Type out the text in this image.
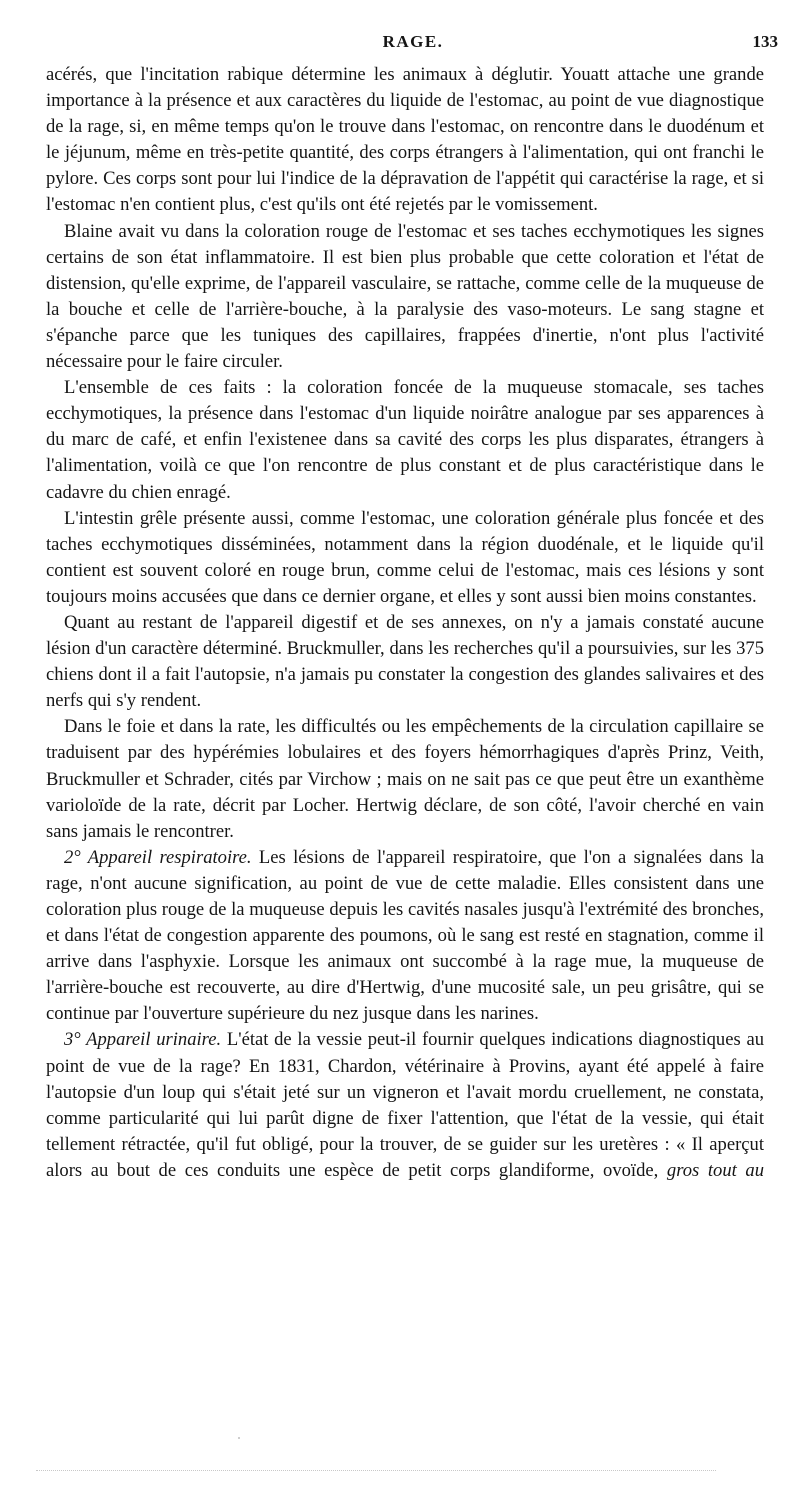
RAGE.	133

acérés, que l'incitation rabique détermine les animaux à déglutir. Youatt attache une grande importance à la présence et aux caractères du liquide de l'estomac, au point de vue diagnostique de la rage, si, en même temps qu'on le trouve dans l'estomac, on rencontre dans le duodénum et le jéjunum, même en très-petite quantité, des corps étrangers à l'alimentation, qui ont franchi le pylore. Ces corps sont pour lui l'indice de la dépravation de l'appétit qui caractérise la rage, et si l'estomac n'en contient plus, c'est qu'ils ont été rejetés par le vomissement.

Blaine avait vu dans la coloration rouge de l'estomac et ses taches ecchymotiques les signes certains de son état inflammatoire. Il est bien plus probable que cette coloration et l'état de distension, qu'elle exprime, de l'appareil vasculaire, se rattache, comme celle de la muqueuse de la bouche et celle de l'arrière-bouche, à la paralysie des vaso-moteurs. Le sang stagne et s'épanche parce que les tuniques des capillaires, frappées d'inertie, n'ont plus l'activité nécessaire pour le faire circuler.

L'ensemble de ces faits : la coloration foncée de la muqueuse stomacale, ses taches ecchymotiques, la présence dans l'estomac d'un liquide noirâtre analogue par ses apparences à du marc de café, et enfin l'existenee dans sa cavité des corps les plus disparates, étrangers à l'alimentation, voilà ce que l'on rencontre de plus constant et de plus caractéristique dans le cadavre du chien enragé.

L'intestin grêle présente aussi, comme l'estomac, une coloration générale plus foncée et des taches ecchymotiques disséminées, notamment dans la région duodénale, et le liquide qu'il contient est souvent coloré en rouge brun, comme celui de l'estomac, mais ces lésions y sont toujours moins accusées que dans ce dernier organe, et elles y sont aussi bien moins constantes.

Quant au restant de l'appareil digestif et de ses annexes, on n'y a jamais constaté aucune lésion d'un caractère déterminé. Bruckmuller, dans les recherches qu'il a poursuivies, sur les 375 chiens dont il a fait l'autopsie, n'a jamais pu constater la congestion des glandes salivaires et des nerfs qui s'y rendent.

Dans le foie et dans la rate, les difficultés ou les empêchements de la circulation capillaire se traduisent par des hypérémies lobulaires et des foyers hémorrhagiques d'après Prinz, Veith, Bruckmuller et Schrader, cités par Virchow ; mais on ne sait pas ce que peut être un exanthème varioloïde de la rate, décrit par Locher. Hertwig déclare, de son côté, l'avoir cherché en vain sans jamais le rencontrer.

2° Appareil respiratoire. Les lésions de l'appareil respiratoire, que l'on a signalées dans la rage, n'ont aucune signification, au point de vue de cette maladie. Elles consistent dans une coloration plus rouge de la muqueuse depuis les cavités nasales jusqu'à l'extrémité des bronches, et dans l'état de congestion apparente des poumons, où le sang est resté en stagnation, comme il arrive dans l'asphyxie. Lorsque les animaux ont succombé à la rage mue, la muqueuse de l'arrière-bouche est recouverte, au dire d'Hertwig, d'une mucosité sale, un peu grisâtre, qui se continue par l'ouverture supérieure du nez jusque dans les narines.

3° Appareil urinaire. L'état de la vessie peut-il fournir quelques indications diagnostiques au point de vue de la rage? En 1831, Chardon, vétérinaire à Provins, ayant été appelé à faire l'autopsie d'un loup qui s'était jeté sur un vigneron et l'avait mordu cruellement, ne constata, comme particularité qui lui parût digne de fixer l'attention, que l'état de la vessie, qui était tellement rétractée, qu'il fut obligé, pour la trouver, de se guider sur les uretères : « Il aperçut alors au bout de ces conduits une espèce de petit corps glandiforme, ovoïde, gros tout au
